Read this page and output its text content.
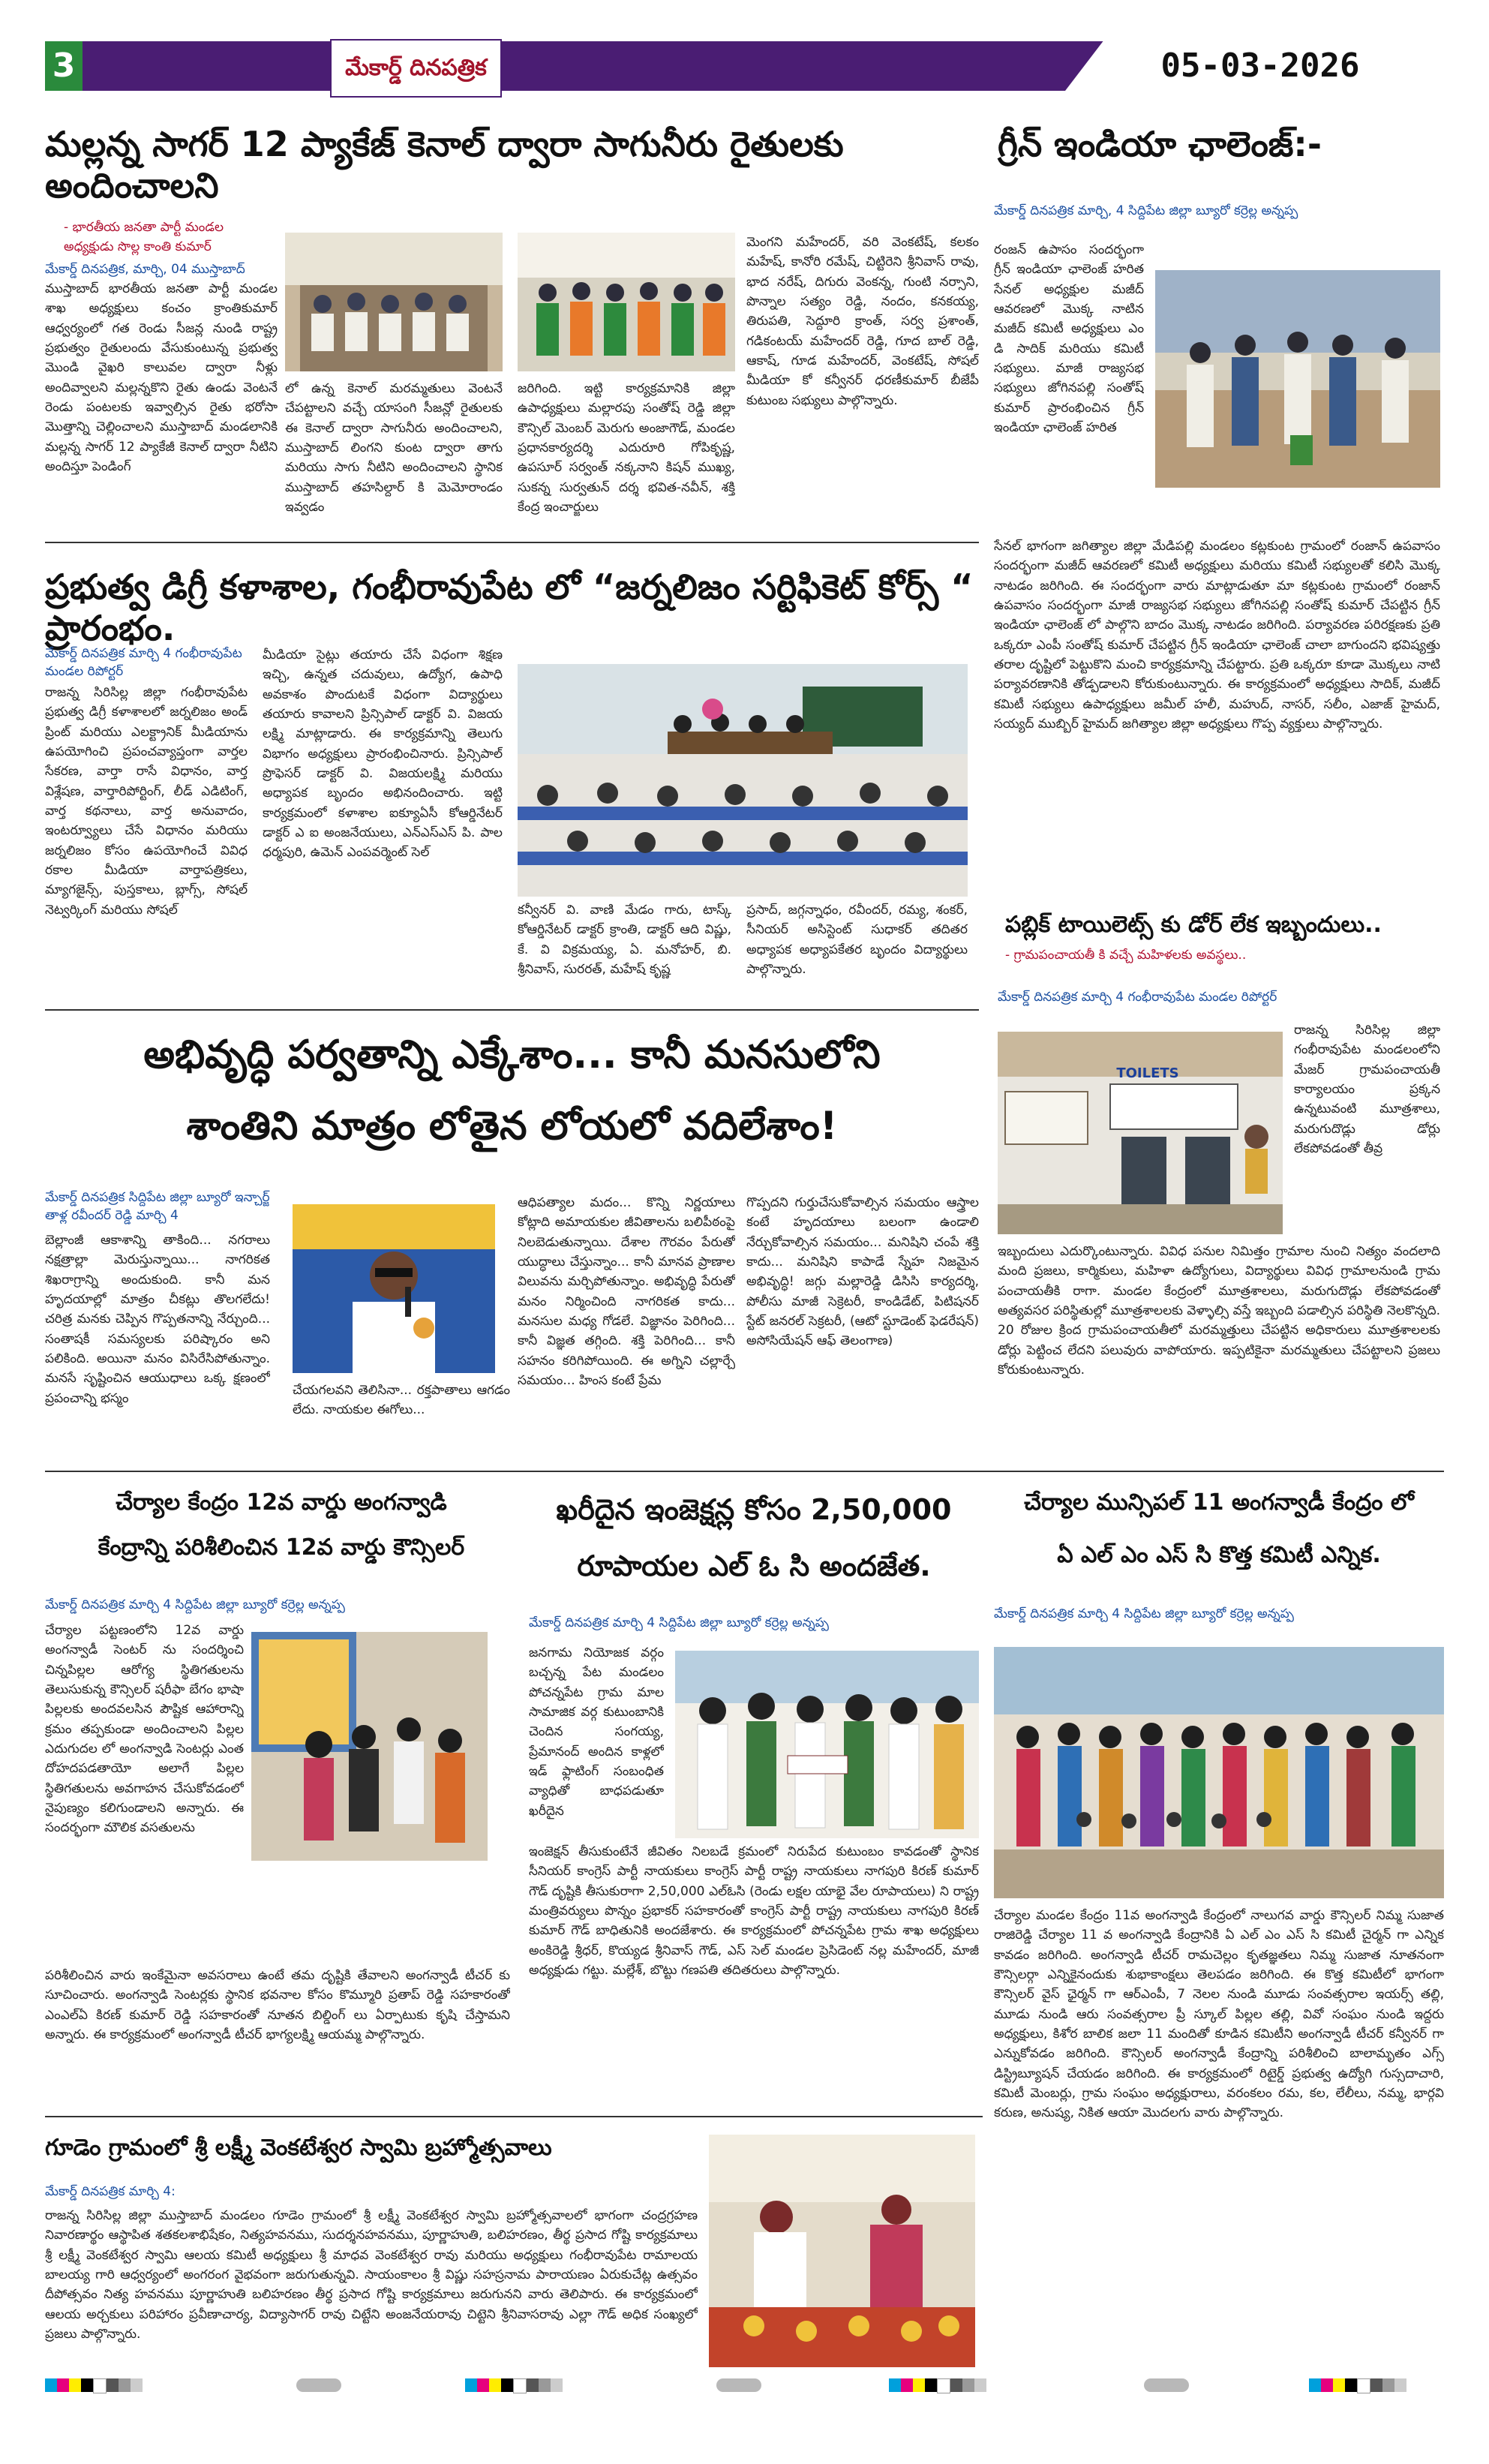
3	మేకార్డ్ దినపత్రిక	05-03-2026
మల్లన్న సాగర్ 12 ప్యాకేజ్ కెనాల్ ద్వారా సాగునీరు రైతులకు అందించాలని
- భారతీయ జనతా పార్టీ మండల
అధ్యక్షుడు సొల్ల కాంతి కుమార్
మేకార్డ్ దినపత్రిక, మార్చి, 04 ముస్తాబాద్
ముస్తాబాద్ భారతీయ జనతా పార్టీ మండల శాఖ అధ్యక్షులు కంచం క్రాంతికుమార్ ఆధ్వర్యంలో గత రెండు సీజన్ల నుండి రాష్ట్ర ప్రభుత్వం రైతులందు వేసుకుంటున్న ప్రభుత్వ మొండి వైఖరి కాలువల ద్వారా నీళ్లు అందివ్వాలని మల్లన్నకొని రైతు ఉండు వెంటనే రెండు పంటలకు ఇవ్వాల్సిన రైతు భరోసా మొత్తాన్ని చెల్లించాలని ముస్తాబాద్ మండలానికి మల్లన్న సాగర్ 12 ప్యాకేజీ కెనాల్ ద్వారా నీటిని అందిస్తూ పెండింగ్
లో ఉన్న కెనాల్ మరమ్మతులు వెంటనే చేపట్టాలని వచ్చే యాసంగి సీజన్లో రైతులకు ఈ కెనాల్ ద్వారా సాగునీరు అందించాలని, ముస్తాబాద్ లింగని కుంట ద్వారా తాగు మరియు సాగు నీటిని అందించాలని స్థానిక ముస్తాబాద్ తహసిల్దార్ కి మెమోరాండం ఇవ్వడం
జరిగింది. ఇట్టి కార్యక్రమానికి జిల్లా ఉపాధ్యక్షులు మల్లారపు సంతోష్ రెడ్డి జిల్లా కౌన్సిల్ మెంబర్ మెరుగు అంజాగౌడ్, మండల ప్రధానకార్యదర్శి ఎదురూరి గోపికృష్ణ, ఉపసూర్ సర్వంత్ నక్కనాని కిషన్ ముఖ్య, సుకన్న సుర్వతున్ దర్శ భవిత-నవీన్, శక్తి కేంద్ర ఇంచార్జులు
మెంగని మహేందర్, వరి వెంకటేష్, కలకం మహేష్, కానోరి రమేష్, చిట్టిరెని శ్రీనివాస్ రావు, భాద నరేష్, దిగురు వెంకన్న, గుంటి నర్సాని, పొన్నాల సత్యం రెడ్డి, నందం, కనకయ్య, తిరుపతి, సెద్దూరి క్రాంత్, సర్వ ప్రశాంత్, గడికంటయ్ మహేందర్ రెడ్డి, గూద బాల్ రెడ్డి, ఆకాష్, గూడ మహేందర్, వెంకటేష్, సోషల్ మీడియా కో కన్వీనర్ ధరణీకుమార్ బీజేపీ కుటుంబ సభ్యులు పాల్గొన్నారు.
గ్రీన్ ఇండియా ఛాలెంజ్:-
మేకార్డ్ దినపత్రిక మార్చి, 4 సిద్దిపేట జిల్లా బ్యూరో కర్రెల్ల అన్నప్ప
రంజన్ ఉపాసం సందర్భంగా గ్రీన్ ఇండియా ఛాలెంజ్ హరిత సేనల్ అధ్యక్షుల మజీద్ ఆవరణలో మొక్క నాటిన మజీద్ కమిటీ అధ్యక్షులు ఎం డి సాదిక్ మరియు కమిటీ సభ్యులు. మాజీ రాజ్యసభ సభ్యులు జోగినపల్లి సంతోష్ కుమార్ ప్రారంభించిన గ్రీన్ ఇండియా ఛాలెంజ్ హరిత
సేనల్ భాగంగా జగిత్యాల జిల్లా మేడిపల్లి మండలం కట్లకుంట గ్రామంలో రంజాన్ ఉపవాసం సందర్భంగా మజీద్ ఆవరణలో కమిటీ అధ్యక్షులు మరియు కమిటీ సభ్యులతో కలిసి మొక్క నాటడం జరిగింది. ఈ సందర్భంగా వారు మాట్లాడుతూ మా కట్లకుంట గ్రామంలో రంజాన్ ఉపవాసం సందర్భంగా మాజీ రాజ్యసభ సభ్యులు జోగినపల్లి సంతోష్ కుమార్ చేపట్టిన గ్రీన్ ఇండియా ఛాలెంజ్ లో పాల్గొని బాదం మొక్క నాటడం జరిగింది. పర్యావరణ పరిరక్షణకు ప్రతి ఒక్కరూ ఎంపీ సంతోష్ కుమార్ చేపట్టిన గ్రీన్ ఇండియా ఛాలెంజ్ చాలా బాగుందని భవిష్యత్తు తరాల దృష్టిలో పెట్టుకొని మంచి కార్యక్రమాన్ని చేపట్టారు. ప్రతి ఒక్కరూ కూడా మొక్కలు నాటి పర్యావరణానికి తోడ్పడాలని కోరుకుంటున్నారు. ఈ కార్యక్రమంలో అధ్యక్షులు సాదిక్, మజీద్ కమిటీ సభ్యులు ఉపాధ్యక్షులు జమీల్ హలీ, మహుద్, నాసర్, సలీం, ఎజాజ్ హైమద్, సయ్యద్ ముబ్బిర్ హైమద్ జగిత్యాల జిల్లా అధ్యక్షులు గొప్ప వ్యక్తులు పాల్గొన్నారు.
ప్రభుత్వ డిగ్రీ కళాశాల, గంభీరావుపేట లో “జర్నలిజం సర్టిఫికెట్ కోర్స్ “ ప్రారంభం.
మేకార్డ్ దినపత్రిక మార్చి 4 గంభీరావుపేట మండల రిపోర్టర్
రాజన్న సిరిసిల్ల జిల్లా గంభీరావుపేట ప్రభుత్వ డిగ్రీ కళాశాలలో జర్నలిజం అండ్ ప్రింట్ మరియు ఎలక్ట్రానిక్ మీడియాను ఉపయోగించి ప్రపంచవ్యాప్తంగా వార్తల సేకరణ, వార్తా రాసే విధానం, వార్త విశ్లేషణ, వార్తారిపోర్టింగ్, లీడ్ ఎడిటింగ్, వార్త కథనాలు, వార్త అనువాదం, ఇంటర్వ్యూలు చేసే విధానం మరియు జర్నలిజం కోసం ఉపయోగించే వివిధ రకాల మీడియా వార్తాపత్రికలు, మ్యాగజైన్స్, పుస్తకాలు, బ్లాగ్స్, సోషల్ నెట్వర్కింగ్ మరియు సోషల్
మీడియా సైట్లు తయారు చేసే విధంగా శిక్షణ ఇచ్చి, ఉన్నత చదువులు, ఉద్యోగ, ఉపాధి అవకాశం పొందుటకే విధంగా విద్యార్థులు తయారు కావాలని ప్రిన్సిపాల్ డాక్టర్ వి. విజయ లక్ష్మి మాట్లాడారు. ఈ కార్యక్రమాన్ని తెలుగు విభాగం అధ్యక్షులు ప్రారంభించినారు. ప్రిన్సిపాల్ ప్రొఫెసర్ డాక్టర్ వి. విజయలక్ష్మి మరియు అధ్యాపక బృందం అభినందించారు. ఇట్టి కార్యక్రమంలో కళాశాల ఐక్యూఏసీ కోఆర్డినేటర్ డాక్టర్ ఎ ఐ అంజనేయులు, ఎన్ఎస్ఎస్ పి. పాల ధర్మపురి, ఉమెన్ ఎంపవర్మెంట్ సెల్
కన్వీనర్ వి. వాణి మేడం గారు, టాస్క్ కోఆర్డినేటర్ డాక్టర్ క్రాంతి, డాక్టర్ ఆది విష్ణు, కే. వి విక్రమయ్య, ఏ. మనోహర్, బి. శ్రీనివాస్, సురరత్, మహేష్ కృష్ణ
ప్రసాద్, జగ్గన్నాధం, రవీందర్, రమ్య, శంకర్, సీనియర్ అసిస్టెంట్ సుధాకర్ తదితర అధ్యాపక అధ్యాపకేతర బృందం విద్యార్థులు పాల్గొన్నారు.
పబ్లిక్ టాయిలెట్స్ కు డోర్ లేక ఇబ్బందులు..
- గ్రామపంచాయతీ కి వచ్చే మహిళలకు అవస్థలు..
మేకార్డ్ దినపత్రిక మార్చి 4 గంభీరావుపేట మండల రిపోర్టర్
TOILETS
రాజన్న సిరిసిల్ల జిల్లా గంభీరావుపేట మండలంలోని మేజర్ గ్రామపంచాయతీ కార్యాలయం ప్రక్కన ఉన్నటువంటి మూత్రశాలు, మరుగుదొడ్లు డోర్లు లేకపోవడంతో తీవ్ర
ఇబ్బందులు ఎదుర్కొంటున్నారు. వివిధ పనుల నిమిత్తం గ్రామాల నుంచి నిత్యం వందలాది మంది ప్రజలు, కార్మికులు, మహిళా ఉద్యోగులు, విద్యార్థులు వివిధ గ్రామాలనుండి గ్రామ పంచాయతీకి రాగా. మండల కేంద్రంలో మూత్రశాలలు, మరుగుదొడ్లు లేకపోవడంతో అత్యవసర పరిస్థితుల్లో మూత్రశాలలకు వెళ్ళాల్సి వస్తే ఇబ్బంది పడాల్సిన పరిస్థితి నెలకొన్నది. 20 రోజుల క్రింద గ్రామపంచాయతీలో మరమ్మత్తులు చేపట్టిన అధికారులు మూత్రశాలలకు డోర్లు పెట్టించ లేదని పలువురు వాపోయారు. ఇప్పటికైనా మరమ్మతులు చేపట్టాలని ప్రజలు కోరుకుంటున్నారు.
అభివృద్ధి పర్వతాన్ని ఎక్కేశాం... కానీ మనసులోని
శాంతిని మాత్రం లోతైన లోయలో వదిలేశాం!
మేకార్డ్ దినపత్రిక సిద్దిపేట జిల్లా బ్యూరో ఇన్చార్జ్ తాళ్ల రవీందర్ రెడ్డి మార్చి 4
బెల్లాంజీ ఆకాశాన్ని తాకింది... నగరాలు నక్షత్రాల్లా మెరుస్తున్నాయి... నాగరికత శిఖరాగ్రాన్ని అందుకుంది. కానీ మన హృదయాల్లో మాత్రం చీకట్లు తొలగలేదు! చరిత్ర మనకు చెప్పిన గొప్పతనాన్ని నేర్చుంది... సంతాషకీ సమస్యలకు పరిష్కారం అని పలికింది. అయినా మనం విసిరేసిపోతున్నాం. మనసే సృష్టించిన ఆయుధాలు ఒక్క క్షణంలో ప్రపంచాన్ని భస్మం
చేయగలవని తెలిసినా... రక్తపాతాలు ఆగడం లేదు. నాయకుల ఈగోలు...
ఆధిపత్యాల మదం... కొన్ని నిర్ణయాలు కోట్లాది అమాయకుల జీవితాలను బలిపీఠంపై నిలబెడుతున్నాయి. దేశాల గౌరవం పేరుతో యుద్ధాలు చేస్తున్నాం... కానీ మానవ ప్రాణాల విలువను మర్చిపోతున్నాం. అభివృద్ధి పేరుతో మనం నిర్మించింది నాగరికత కాదు... మనసుల మధ్య గోడలే. విజ్ఞానం పెరిగింది... కానీ విజ్ఞత తగ్గింది. శక్తి పెరిగింది... కానీ సహనం కరిగిపోయింది. ఈ అగ్నిని చల్లార్చే సమయం... హింస కంటే ప్రేమ
గొప్పదని గుర్తుచేసుకోవాల్సిన సమయం ఆస్త్రాల కంటే హృదయాలు బలంగా ఉండాలి నేర్చుకోవాల్సిన సమయం... మనిషిని చంపే శక్తి కాదు... మనిషిని కాపాడే స్నేహ నిజమైన అభివృద్ధి! జగ్గు మల్లారెడ్డి డిసిసి కార్యదర్శి, పోలీసు మాజీ సెక్రెటరీ, కాండిడేట్, పిటిషనర్ స్టేట్ జనరల్ సెక్రటరీ, (ఆటో స్టూడెంట్ ఫెడరేషన్) అసోసియేషన్ ఆఫ్ తెలంగాణ)
చేర్యాల కేంద్రం 12వ వార్డు అంగన్వాడి
కేంద్రాన్ని పరిశీలించిన 12వ వార్డు కౌన్సిలర్
మేకార్డ్ దినపత్రిక మార్చి 4 సిద్దిపేట జిల్లా బ్యూరో కర్రెల్ల అన్నప్ప
చేర్యాల పట్టణంలోని 12వ వార్డు అంగన్వాడీ సెంటర్ ను సందర్శించి చిన్నపిల్లల ఆరోగ్య స్థితిగతులను తెలుసుకున్న కౌన్సిలర్ షరీఫా బేగం భాషా పిల్లలకు అందవలసిన పౌష్టిక ఆహారాన్ని క్రమం తప్పకుండా అందించాలని పిల్లల ఎదుగుదల లో అంగన్వాడి సెంటర్లు ఎంత దోహదపడతాయో అలాగే పిల్లల స్థితిగతులను అవగాహన చేసుకోవడంలో నైపుణ్యం కలిగుండాలని అన్నారు. ఈ సందర్భంగా మౌలిక వసతులను
పరిశీలించిన వారు ఇంకేమైనా అవసరాలు ఉంటే తమ దృష్టికి తేవాలని అంగన్వాడీ టీచర్ కు సూచించారు. అంగన్వాడి సెంటర్లకు స్థానిక భవనాల కోసం కొమ్మూరి ప్రతాప్ రెడ్డి సహకారంతో ఎంఎల్ఏ కిరణ్ కుమార్ రెడ్డి సహకారంతో నూతన బిల్డింగ్ లు ఏర్పాటుకు కృషి చేస్తామని అన్నారు. ఈ కార్యక్రమంలో అంగన్వాడీ టీచర్ భాగ్యలక్ష్మి ఆయమ్మ పాల్గొన్నారు.
ఖరీదైన ఇంజెక్షన్ల కోసం 2,50,000
రూపాయల ఎల్ ఓ సి అందజేత.
మేకార్డ్ దినపత్రిక మార్చి 4 సిద్దిపేట జిల్లా బ్యూరో కర్రెల్ల అన్నప్ప
జనగామ నియోజక వర్గం బచ్చన్న పేట మండలం పోచన్నపేట గ్రామ మాల సామాజిక వర్గ కుటుంబానికి చెందిన సంగయ్య, ప్రేమానంద్ అందిన కాళ్లలో ఇడ్ ఫ్లాటింగ్ సంబంధిత వ్యాధితో బాధపడుతూ ఖరీదైన
ఇంజెక్షన్ తీసుకుంటేనే జీవితం నిలబడే క్రమంలో నిరుపేద కుటుంబం కావడంతో స్థానిక సీనియర్ కాంగ్రెస్ పార్టీ నాయకులు కాంగ్రెస్ పార్టీ రాష్ట్ర నాయకులు నాగపురి కిరణ్ కుమార్ గౌడ్ దృష్టికి తీసుకురాగా 2,50,000 ఎల్ఓసి (రెండు లక్షల యాభై వేల రూపాయలు) ని రాష్ట్ర మంత్రివర్యులు పొన్నం ప్రభాకర్ సహకారంతో కాంగ్రెస్ పార్టీ రాష్ట్ర నాయకులు నాగపురి కిరణ్ కుమార్ గౌడ్ బాధితునికి అందజేశారు. ఈ కార్యక్రమంలో పోచన్నపేట గ్రామ శాఖ అధ్యక్షులు అంకిరెడ్డి శ్రీధర్, కొయ్యడ శ్రీనివాస్ గౌడ్, ఎస్ సెల్ మండల ప్రెసిడెంట్ నల్ల మహేందర్, మాజీ అధ్యక్షుడు గట్టు. మల్లేశ్, బొట్టు గణపతి తదితరులు పాల్గొన్నారు.
చేర్యాల మున్సిపల్ 11 అంగన్వాడీ కేంద్రం లో
ఏ ఎల్ ఎం ఎస్ సి కొత్త కమిటీ ఎన్నిక.
మేకార్డ్ దినపత్రిక మార్చి 4 సిద్దిపేట జిల్లా బ్యూరో కర్రెల్ల అన్నప్ప
చేర్యాల మండల కేంద్రం 11వ అంగన్వాడి కేంద్రంలో నాలుగవ వార్డు కౌన్సిలర్ నిమ్మ సుజాత రాజిరెడ్డి చేర్యాల 11 వ అంగన్వాడి కేంద్రానికి ఏ ఎల్ ఎం ఎస్ సి కమిటీ చైర్మన్ గా ఎన్నిక కావడం జరిగింది. అంగన్వాడి టీచర్ రామచెల్లం కృతజ్ఞతలు నిమ్మ సుజాత నూతనంగా కౌన్సిలర్గా ఎన్నికైనందుకు శుభాకాంక్షలు తెలపడం జరిగింది. ఈ కొత్త కమిటీలో భాగంగా కౌన్సిలర్ వైస్ ఛైర్మన్ గా ఆర్ఎంపీ, 7 నెలల నుండి మూడు సంవత్సరాల ఇయర్స్ తల్లి, మూడు నుండి ఆరు సంవత్సరాల ప్రీ స్కూల్ పిల్లల తల్లి, వివో సంఘం నుండి ఇద్దరు అధ్యక్షులు, కిశోర బాలిక జలా 11 మందితో కూడిన కమిటీని అంగన్వాడీ టీచర్ కన్వీనర్ గా ఎన్నుకోవడం జరిగింది. కౌన్సిలర్ అంగన్వాడీ కేంద్రాన్ని పరిశీలించి బాలామృతం ఎగ్స్ డిస్ట్రిబ్యూషన్ చేయడం జరిగింది. ఈ కార్యక్రమంలో రిటైర్డ్ ప్రభుత్వ ఉద్యోగి గుస్సదాచారి, కమిటీ మెంబర్లు, గ్రామ సంఘం అధ్యక్షురాలు, వరంకలం రమ, కల, లేలీలు, నమ్మ, భార్గవి కరుణ, అనుష్య, నికిత ఆయా మొదలగు వారు పాల్గొన్నారు.
గూడెం గ్రామంలో శ్రీ లక్ష్మీ వెంకటేశ్వర స్వామి బ్రహ్మోత్సవాలు
మేకార్డ్ దినపత్రిక మార్చి 4:
రాజన్న సిరిసిల్ల జిల్లా ముస్తాబాద్ మండలం గూడెం గ్రామంలో శ్రీ లక్ష్మీ వెంకటేశ్వర స్వామి బ్రహ్మోత్సవాలలో భాగంగా చంద్రగ్రహణ నివారణార్థం ఆస్థాపిత శతకలశాభిషేకం, నిత్యహవనము, సుదర్శనహవనము, పూర్ణాహుతి, బలిహరణం, తీర్థ ప్రసాద గోష్టి కార్యక్రమాలు శ్రీ లక్ష్మీ వెంకటేశ్వర స్వామి ఆలయ కమిటీ అధ్యక్షులు శ్రీ మాధవ వెంకటేశ్వర రావు మరియు అధ్యక్షులు గంభీరావుపేట రామాలయ బాలయ్య గారి ఆధ్వర్యంలో అంగరంగ వైభవంగా జరుగుతున్నవి. సాయంకాలం శ్రీ విష్ణు సహస్రనామ పారాయణం ఏరుకుచేట్ల ఉత్సవం దీపోత్సవం నిత్య హవనము పూర్ణాహుతి బలిహరణం తీర్థ ప్రసాద గోష్టి కార్యక్రమాలు జరుగునని వారు తెలిపారు. ఈ కార్యక్రమంలో ఆలయ అర్చకులు పరిహారం ప్రవీణాచార్య, విద్యాసాగర్ రావు చిట్టేని అంజనేయరావు చిట్టెని శ్రీనివాసరావు ఎల్లా గౌడ్ అధిక సంఖ్యలో ప్రజలు పాల్గొన్నారు.
